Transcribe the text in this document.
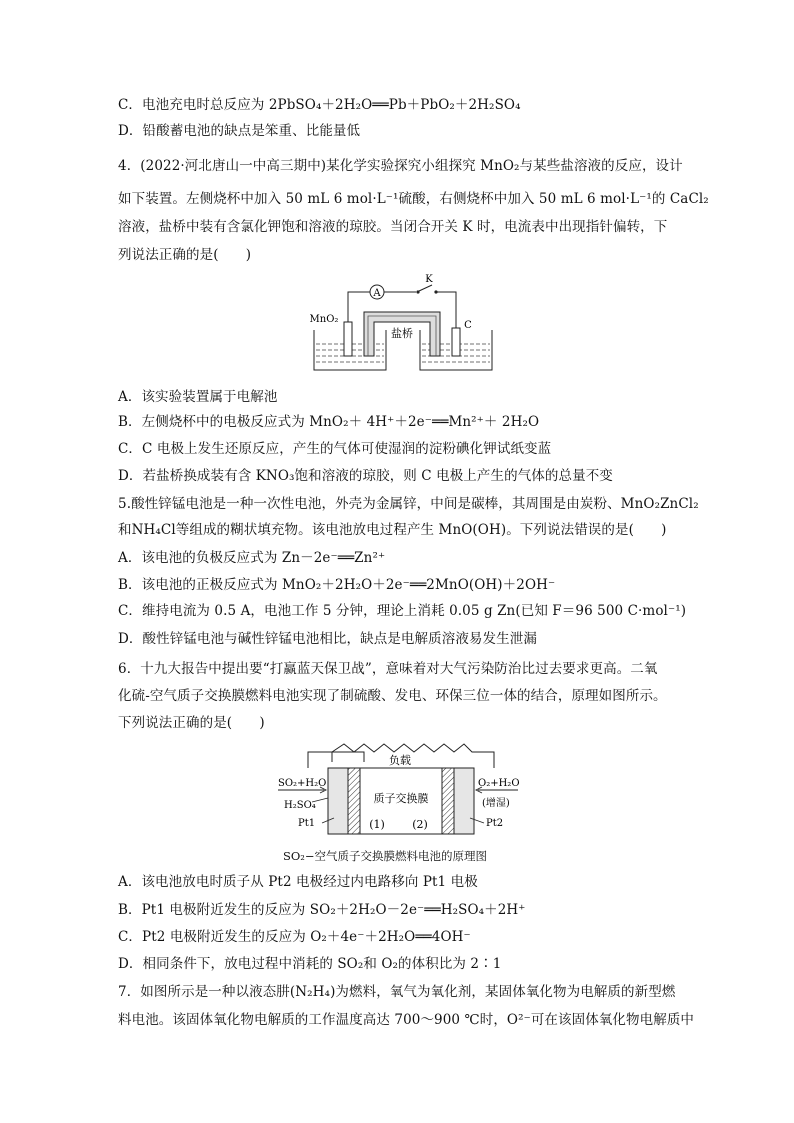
C．电池充电时总反应为 2PbSO₄＋2H₂O══Pb＋PbO₂＋2H₂SO₄
D．铅酸蓄电池的缺点是笨重、比能量低
4．(2022·河北唐山一中高三期中)某化学实验探究小组探究 MnO₂与某些盐溶液的反应，设计
如下装置。左侧烧杯中加入 50 mL 6 mol·L⁻¹硫酸，右侧烧杯中加入 50 mL 6 mol·L⁻¹的 CaCl₂
溶液，盐桥中装有含氯化钾饱和溶液的琼胶。当闭合开关 K 时，电流表中出现指针偏转，下
列说法正确的是(　　)
A
K
MnO₂
C
盐桥
A．该实验装置属于电解池
B．左侧烧杯中的电极反应式为 MnO₂＋ 4H⁺＋2e⁻══Mn²⁺＋ 2H₂O
C．C 电极上发生还原反应，产生的气体可使湿润的淀粉碘化钾试纸变蓝
D．若盐桥换成装有含 KNO₃饱和溶液的琼胶，则 C 电极上产生的气体的总量不变
5.酸性锌锰电池是一种一次性电池，外壳为金属锌，中间是碳棒，其周围是由炭粉、MnO₂ZnCl₂
和NH₄Cl等组成的糊状填充物。该电池放电过程产生 MnO(OH)。下列说法错误的是(　　)
A．该电池的负极反应式为 Zn－2e⁻══Zn²⁺
B．该电池的正极反应式为 MnO₂＋2H₂O＋2e⁻══2MnO(OH)＋2OH⁻
C．维持电流为 0.5 A，电池工作 5 分钟，理论上消耗 0.05 g Zn(已知 F＝96 500 C·mol⁻¹)
D．酸性锌锰电池与碱性锌锰电池相比，缺点是电解质溶液易发生泄漏
6．十九大报告中提出要“打赢蓝天保卫战”，意味着对大气污染防治比过去要求更高。二氧
化硫-空气质子交换膜燃料电池实现了制硫酸、发电、环保三位一体的结合，原理如图所示。
下列说法正确的是(　　)
负载
质子交换膜
(1) (2)
SO₂+H₂O
H₂SO₄
Pt1
O₂+H₂O
(增湿)
Pt2
SO₂−空气质子交换膜燃料电池的原理图
A．该电池放电时质子从 Pt2 电极经过内电路移向 Pt1 电极
B．Pt1 电极附近发生的反应为 SO₂＋2H₂O－2e⁻══H₂SO₄＋2H⁺
C．Pt2 电极附近发生的反应为 O₂＋4e⁻＋2H₂O══4OH⁻
D．相同条件下，放电过程中消耗的 SO₂和 O₂的体积比为 2∶1
7．如图所示是一种以液态肼(N₂H₄)为燃料，氧气为氧化剂，某固体氧化物为电解质的新型燃
料电池。该固体氧化物电解质的工作温度高达 700～900 ℃时，O²⁻可在该固体氧化物电解质中
